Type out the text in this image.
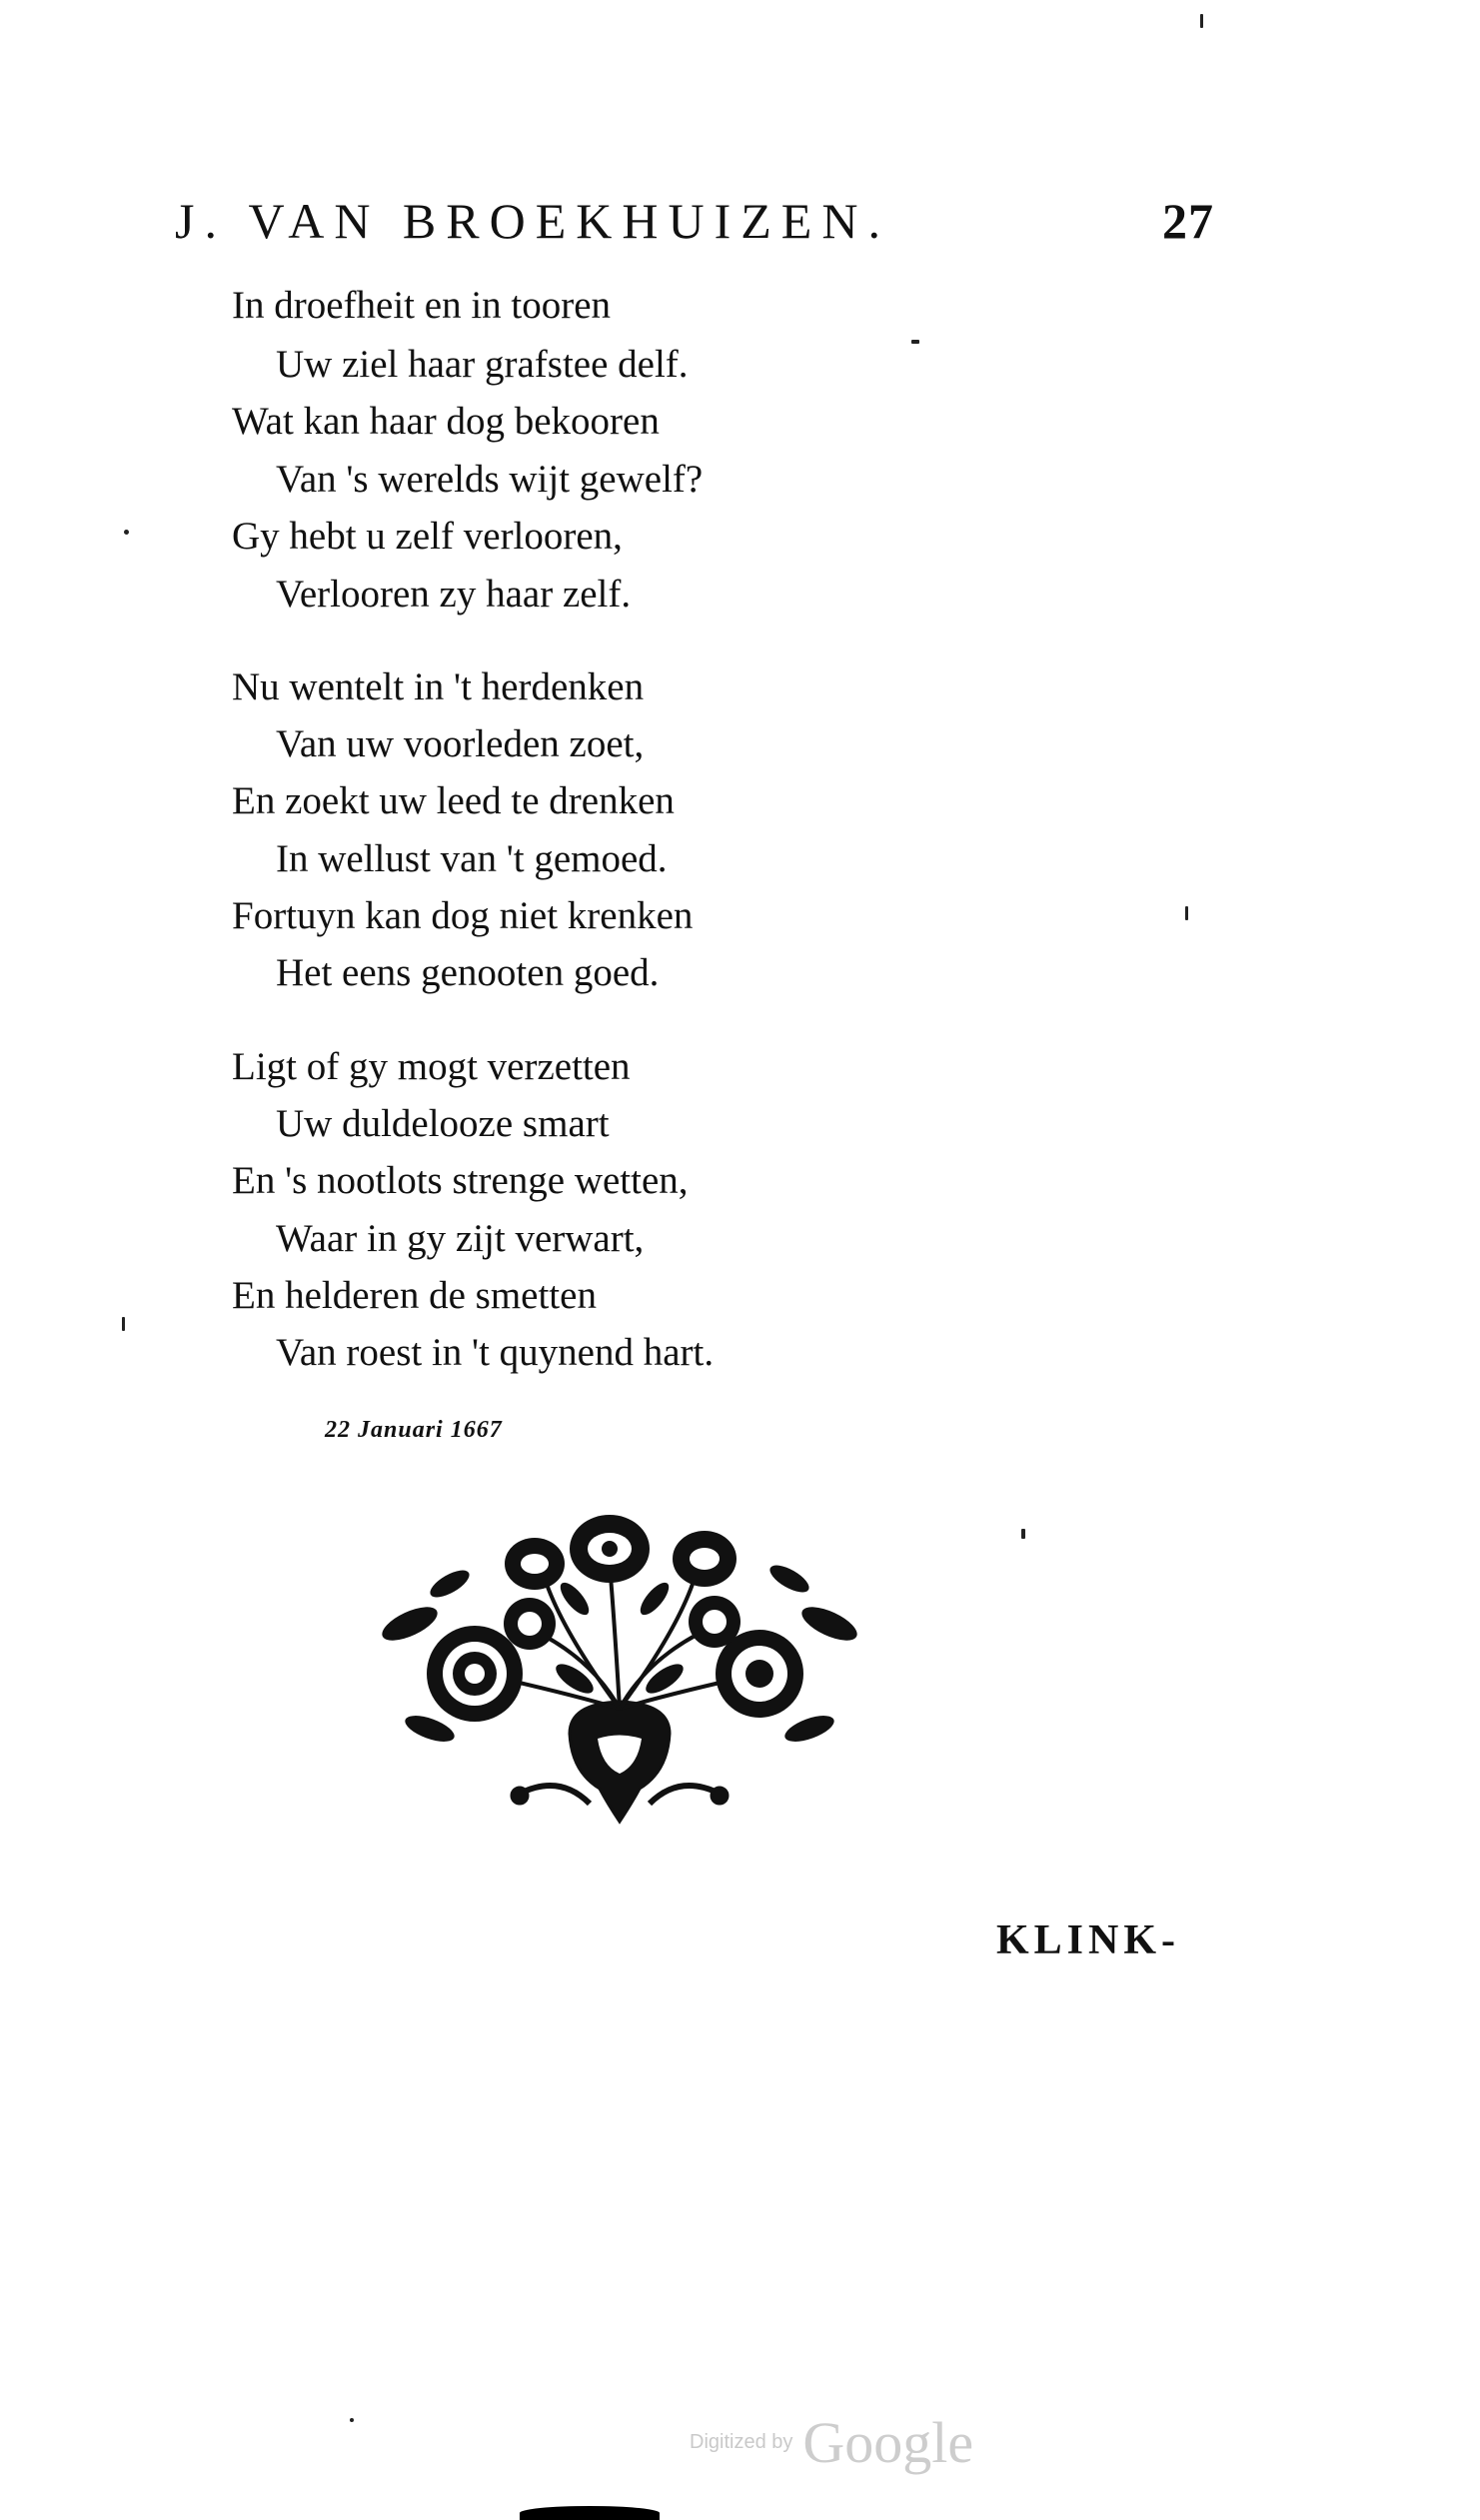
J. VAN BROEKHUIZEN.	27
In droefheit en in tooren
Uw ziel haar grafstee delf.
Wat kan haar dog bekooren
Van 's werelds wijt gewelf?
Gy hebt u zelf verlooren,
Verlooren zy haar zelf.
Nu wentelt in 't herdenken
Van uw voorleden zoet,
En zoekt uw leed te drenken
In wellust van 't gemoed.
Fortuyn kan dog niet krenken
Het eens genooten goed.
Ligt of gy mogt verzetten
Uw duldelooze smart
En 's nootlots strenge wetten,
Waar in gy zijt verwart,
En helderen de smetten
Van roest in 't quynend hart.
22 Januari 1667
KLINK-
Digitized by Google
